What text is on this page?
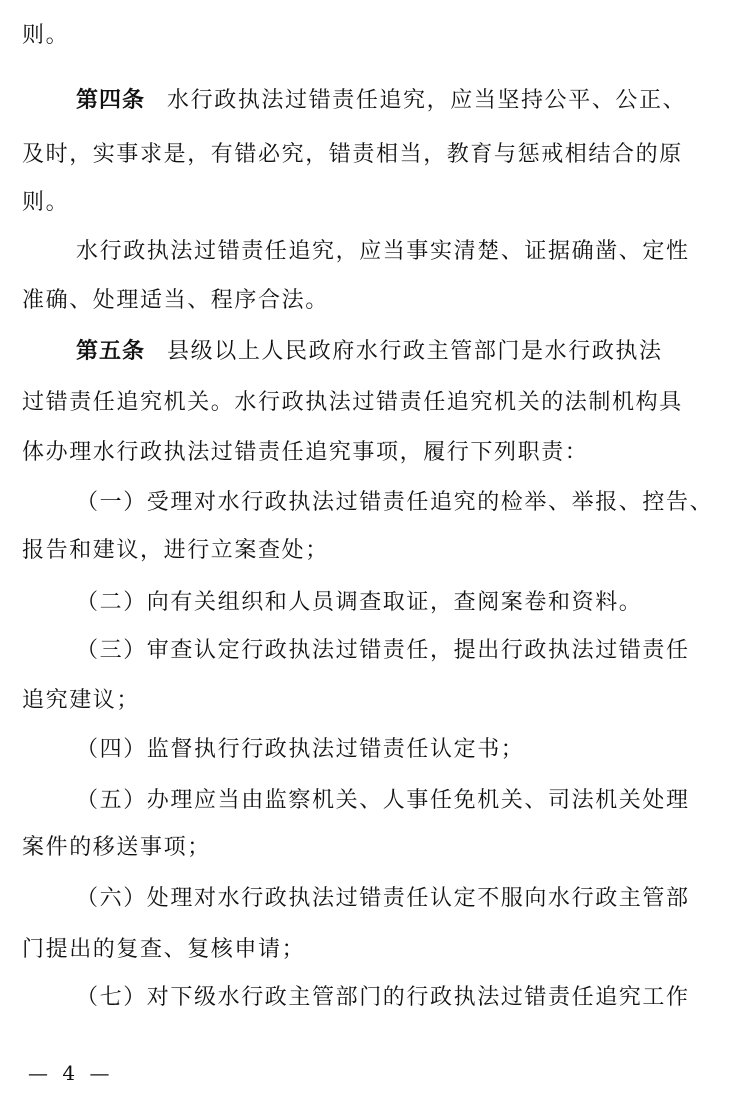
则。
第四条 水行政执法过错责任追究，应当坚持公平、公正、
及时，实事求是，有错必究，错责相当，教育与惩戒相结合的原
则。
水行政执法过错责任追究，应当事实清楚、证据确凿、定性
准确、处理适当、程序合法。
第五条 县级以上人民政府水行政主管部门是水行政执法
过错责任追究机关。水行政执法过错责任追究机关的法制机构具
体办理水行政执法过错责任追究事项，履行下列职责：
（一）受理对水行政执法过错责任追究的检举、举报、控告、
报告和建议，进行立案查处；
（二）向有关组织和人员调查取证，查阅案卷和资料。
（三）审查认定行政执法过错责任，提出行政执法过错责任
追究建议；
（四）监督执行行政执法过错责任认定书；
（五）办理应当由监察机关、人事任免机关、司法机关处理
案件的移送事项；
（六）处理对水行政执法过错责任认定不服向水行政主管部
门提出的复查、复核申请；
（七）对下级水行政主管部门的行政执法过错责任追究工作
— 4 —
